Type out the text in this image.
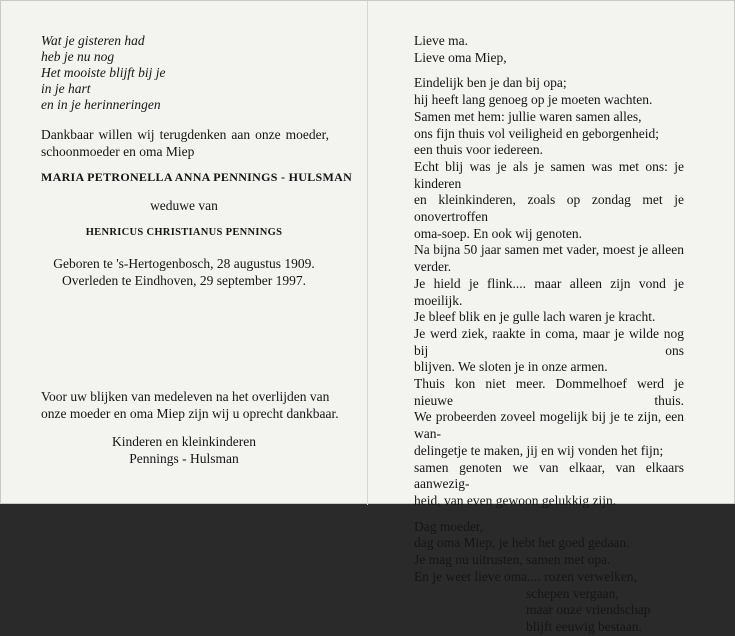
Wat je gisteren had
heb je nu nog
Het mooiste blijft bij je
in je hart
en in je herinneringen
Dankbaar willen wij terugdenken aan onze moeder, schoonmoeder en oma Miep
MARIA PETRONELLA ANNA PENNINGS - HULSMAN
weduwe van
HENRICUS CHRISTIANUS PENNINGS
Geboren te 's-Hertogenbosch, 28 augustus 1909.
Overleden te Eindhoven, 29 september 1997.
Voor uw blijken van medeleven na het overlijden van onze moeder en oma Miep zijn wij u oprecht dankbaar.
Kinderen en kleinkinderen
Pennings - Hulsman
Lieve ma.
Lieve oma Miep,
Eindelijk ben je dan bij opa;
hij heeft lang genoeg op je moeten wachten.
Samen met hem: jullie waren samen alles,
ons fijn thuis vol veiligheid en geborgenheid;
een thuis voor iedereen.
Echt blij was je als je samen was met ons: je kinderen
en kleinkinderen, zoals op zondag met je onovertroffen
oma-soep. En ook wij genoten.
Na bijna 50 jaar samen met vader, moest je alleen verder.
Je hield je flink.... maar alleen zijn vond je moeilijk.
Je bleef blik en je gulle lach waren je kracht.
Je werd ziek, raakte in coma, maar je wilde nog bij ons
blijven. We sloten je in onze armen.
Thuis kon niet meer. Dommelhoef werd je nieuwe thuis.
We probeerden zoveel mogelijk bij je te zijn, een wan-
delingetje te maken, jij en wij vonden het fijn;
samen genoten we van elkaar, van elkaars aanwezig-
heid, van even gewoon gelukkig zijn.
Dag moeder,
dag oma Miep, je hebt het goed gedaan.
Je mag nu uitrusten, samen met opa.
En je weet lieve oma.... rozen verwelken,
schepen vergaan,
maar onze vriendschap
blijft eeuwig bestaan.
